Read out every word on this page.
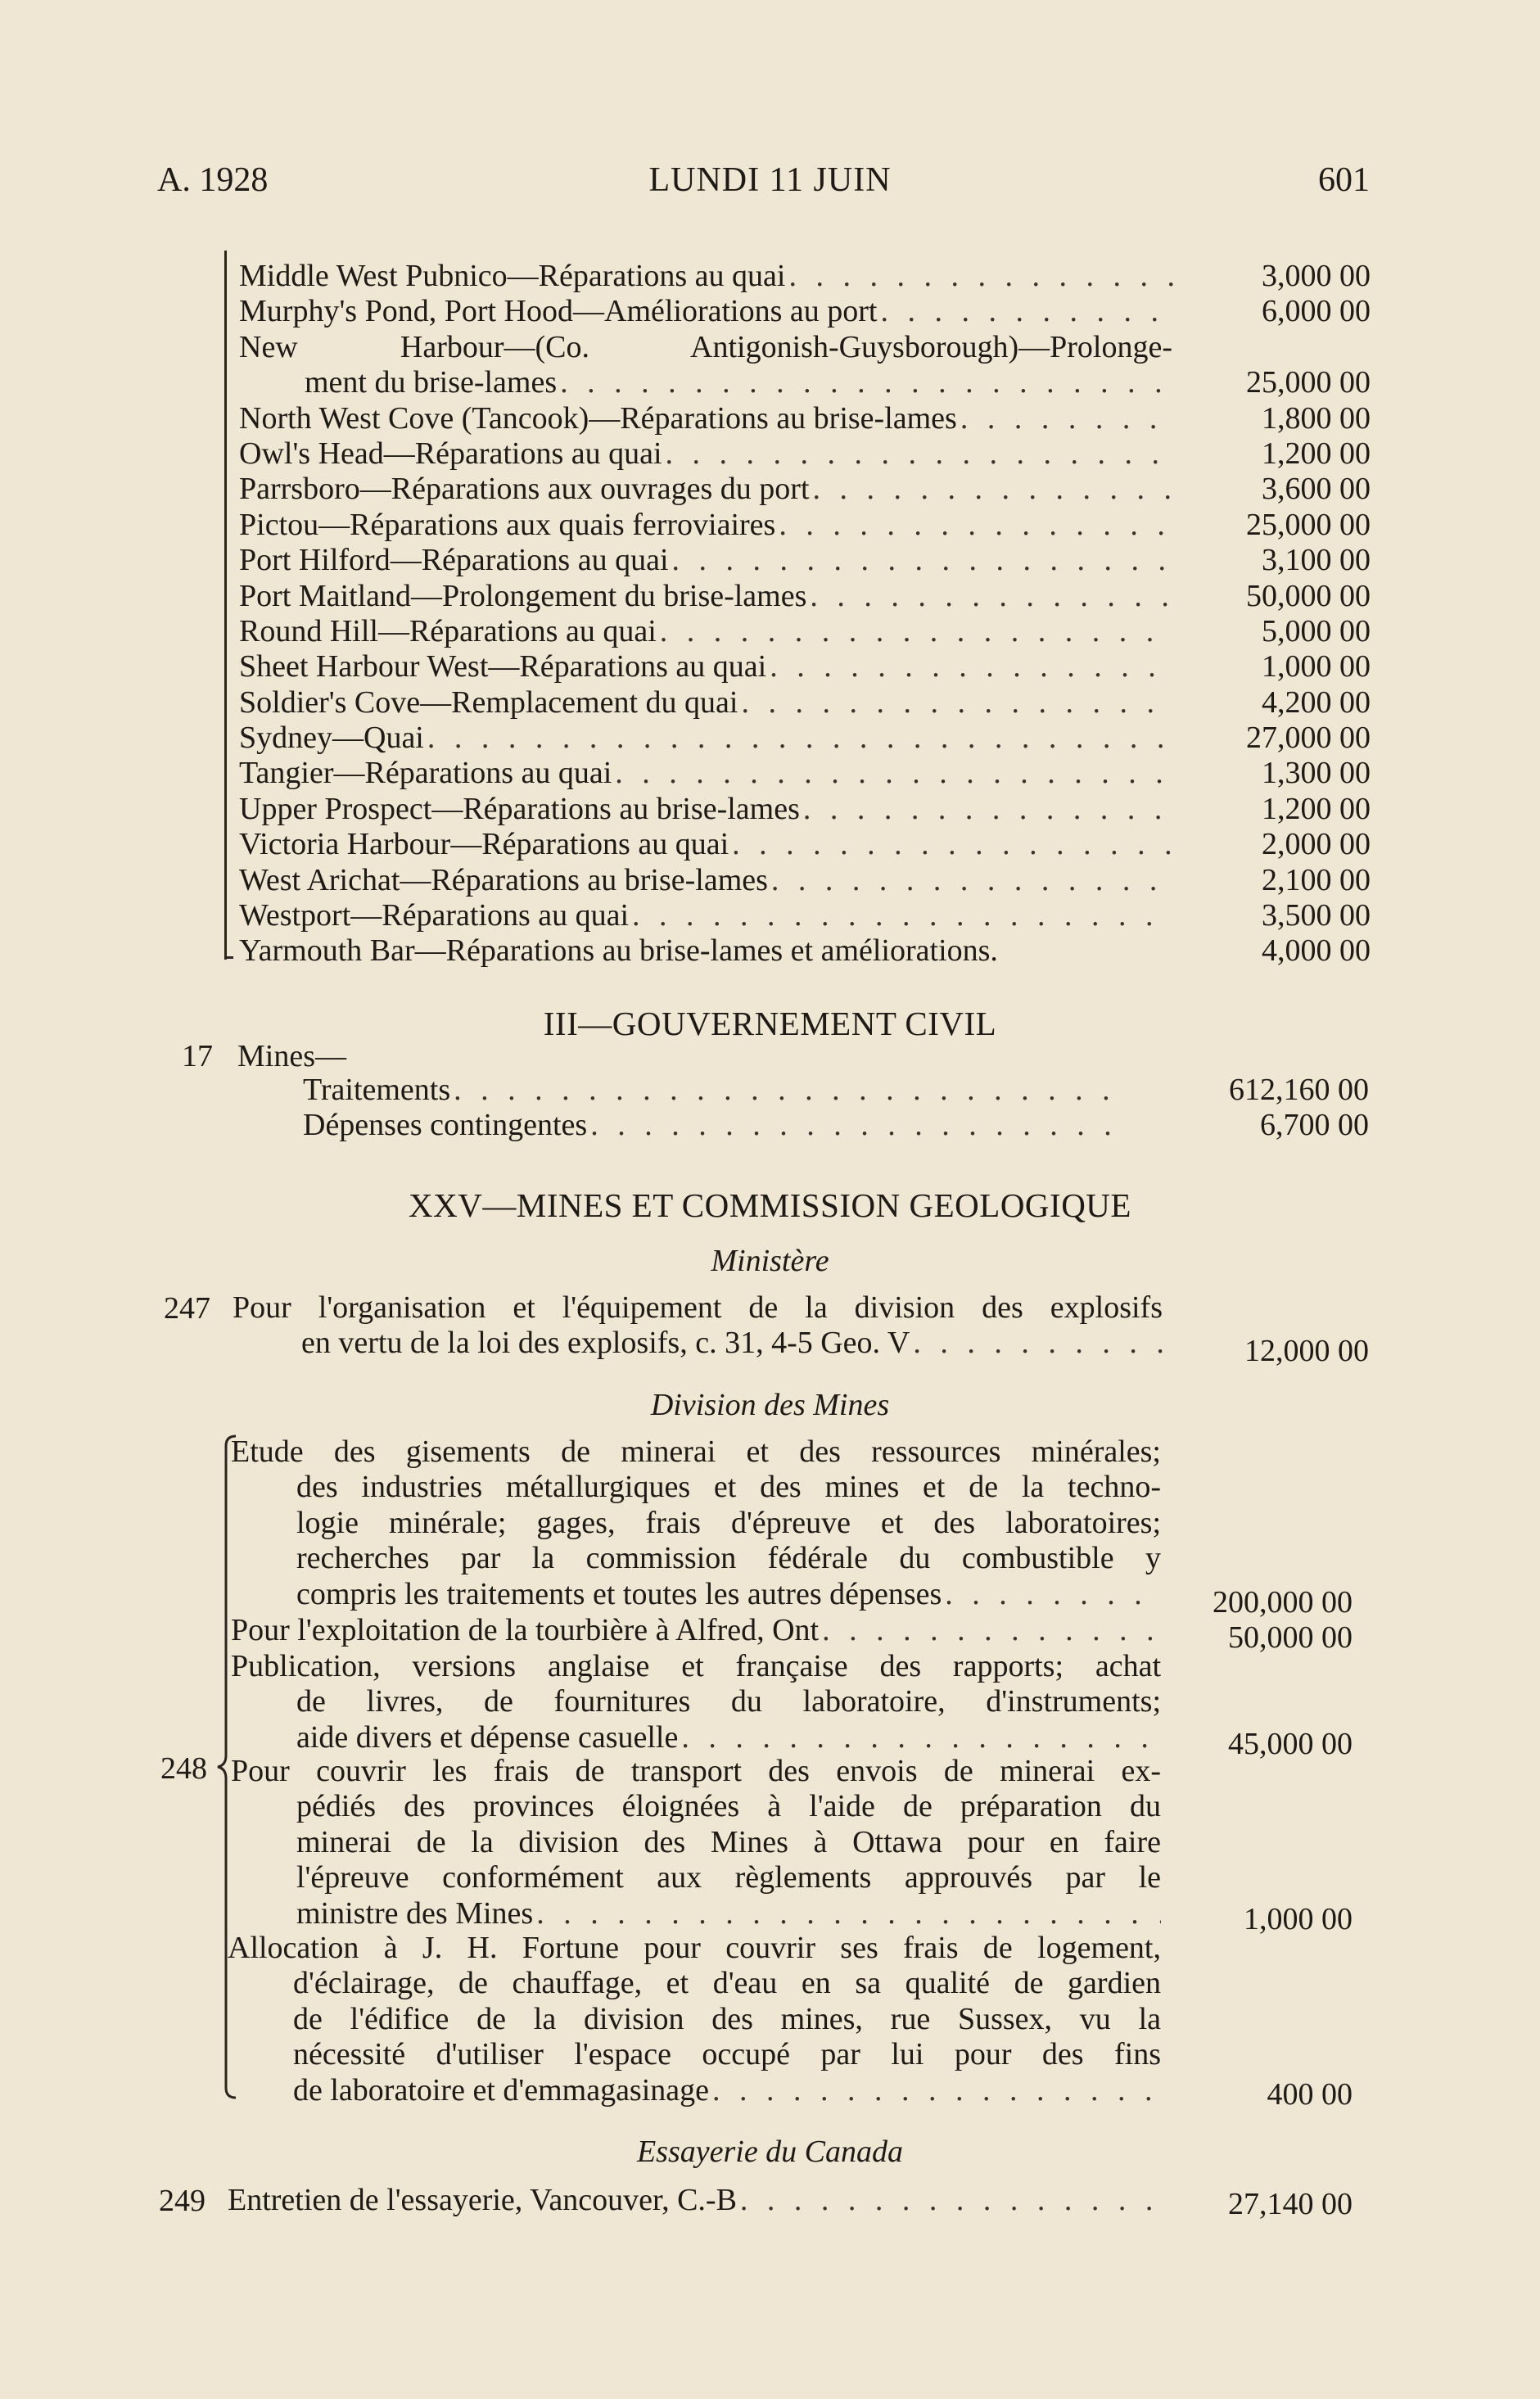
A. 1928	LUNDI 11 JUIN	601
Middle West Pubnico—Réparations au quai . . .	3,000 00
Murphy's Pond, Port Hood—Améliorations au port . . .	6,000 00
New Harbour—(Co. Antigonish-Guysborough)—Prolonge-
ment du brise-lames . . .	25,000 00
North West Cove (Tancook)—Réparations au brise-lames . . .	1,800 00
Owl's Head—Réparations au quai . . .	1,200 00
Parrsboro—Réparations aux ouvrages du port . . .	3,600 00
Pictou—Réparations aux quais ferroviaires . . .	25,000 00
Port Hilford—Réparations au quai . . .	3,100 00
Port Maitland—Prolongement du brise-lames . . .	50,000 00
Round Hill—Réparations au quai . . .	5,000 00
Sheet Harbour West—Réparations au quai . . .	1,000 00
Soldier's Cove—Remplacement du quai . . .	4,200 00
Sydney—Quai . . .	27,000 00
Tangier—Réparations au quai . . .	1,300 00
Upper Prospect—Réparations au brise-lames . . .	1,200 00
Victoria Harbour—Réparations au quai . . .	2,000 00
West Arichat—Réparations au brise-lames . . .	2,100 00
Westport—Réparations au quai . . .	3,500 00
Yarmouth Bar—Réparations au brise-lames et améliorations.	4,000 00
III—GOUVERNEMENT CIVIL
17 Mines—
Traitements . . .	612,160 00
Dépenses contingentes . . .	6,700 00
XXV—MINES ET COMMISSION GEOLOGIQUE
Ministère
247 Pour l'organisation et l'équipement de la division des explosifs
en vertu de la loi des explosifs, c. 31, 4-5 Geo. V . . .	12,000 00
Division des Mines
248
Etude des gisements de minerai et des ressources minérales;
des industries métallurgiques et des mines et de la techno-
logie minérale; gages, frais d'épreuve et des laboratoires;
recherches par la commission fédérale du combustible y
compris les traitements et toutes les autres dépenses . . .	200,000 00
Pour l'exploitation de la tourbière à Alfred, Ont . . .	50,000 00
Publication, versions anglaise et française des rapports; achat
de livres, de fournitures du laboratoire, d'instruments;
aide divers et dépense casuelle . . .	45,000 00
Pour couvrir les frais de transport des envois de minerai ex-
pédiés des provinces éloignées à l'aide de préparation du
minerai de la division des Mines à Ottawa pour en faire
l'épreuve conformément aux règlements approuvés par le
ministre des Mines . . .	1,000 00
Allocation à J. H. Fortune pour couvrir ses frais de logement,
d'éclairage, de chauffage, et d'eau en sa qualité de gardien
de l'édifice de la division des mines, rue Sussex, vu la
nécessité d'utiliser l'espace occupé par lui pour des fins
de laboratoire et d'emmagasinage . . .	400 00
Essayerie du Canada
249 Entretien de l'essayerie, Vancouver, C.-B . . .	27,140 00
